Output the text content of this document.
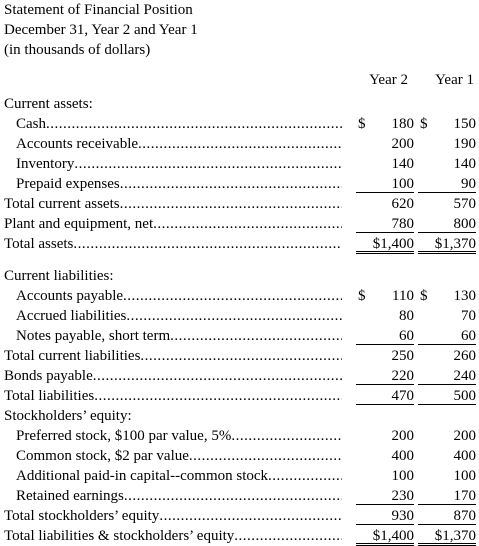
Statement of Financial Position
December 31, Year 2 and Year 1
(in thousands of dollars)
Year 2 Year 1
Current assets:
Cash .....	$ 180 $ 150
Accounts receivable .....	200	190
Inventory .....	140	140
Prepaid expenses .....	100	90
Total current assets .....	620	570
Plant and equipment, net .....	780	800
Total assets .....	$1,400	$1,370
Current liabilities:
Accounts payable .....	$ 110 $ 130
Accrued liabilities .....	80	70
Notes payable, short term .....	60	60
Total current liabilities .....	250	260
Bonds payable .....	220	240
Total liabilities .....	470	500
Stockholders’ equity:
Preferred stock, $100 par value, 5% .....	200	200
Common stock, $2 par value .....	400	400
Additional paid-in capital--common stock .....	100	100
Retained earnings .....	230	170
Total stockholders’ equity .....	930	870
Total liabilities & stockholders’ equity .....	$1,400	$1,370
